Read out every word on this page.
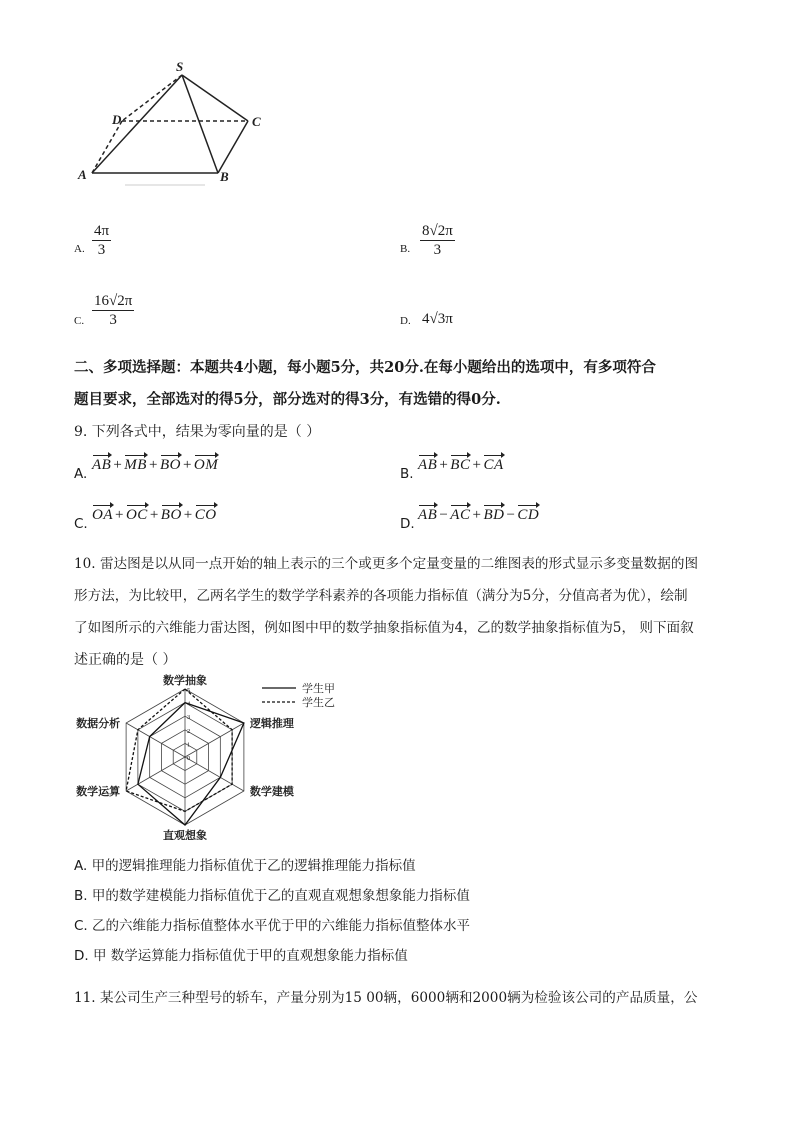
S
D	C
A	B
A. $\frac{4\pi}{3}$	B. $\frac{8√2\pi}{3}$
C. $\frac{16√2\pi}{3}$	D. 4√3π
二、多项选择题：本题共4小题，每小题5分，共20分.在每小题给出的选项中，有多项符合
题目要求，全部选对的得5分，部分选对的得3分，有选错的得0分.
9. 下列各式中，结果为零向量的是（ ）
A.
AB + MB + BO + OM
B.
AB + BC + CA
C.
OA + OC + BO + CO
D.
AB − AC + BD − CD
10. 雷达图是以从同一点开始的轴上表示的三个或更多个定量变量的二维图表的形式显示多变量数据的图
形方法，为比较甲，乙两名学生的数学学科素养的各项能力指标值（满分为5分，分值高者为优），绘制
了如图所示的六维能力雷达图，例如图中甲的数学抽象指标值为4，乙的数学抽象指标值为5， 则下面叙
述正确的是（ ）
0
1
2
3
4
5
数学抽象
逻辑推理
数学建模
直观想象
数学运算
数据分析
学生甲
学生乙
A. 甲的逻辑推理能力指标值优于乙的逻辑推理能力指标值
B. 甲的数学建模能力指标值优于乙的直观直观想象想象能力指标值
C. 乙的六维能力指标值整体水平优于甲的六维能力指标值整体水平
D. 甲 数学运算能力指标值优于甲的直观想象能力指标值
11. 某公司生产三种型号的轿车，产量分别为15 00辆，6000辆和2000辆为检验该公司的产品质量，公
